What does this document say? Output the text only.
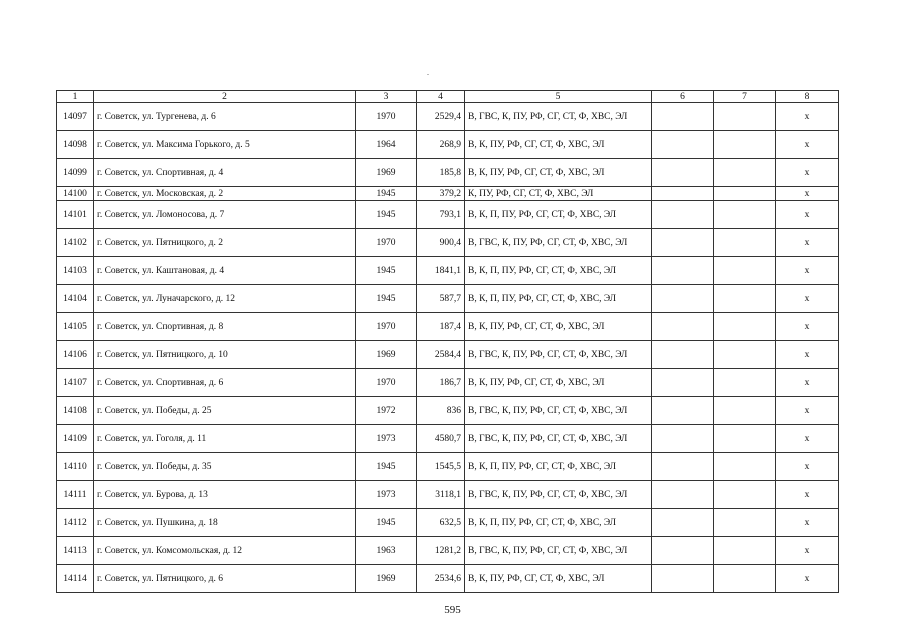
1	2	3	4	5	6	7	8
14097	г. Советск, ул. Тургенева, д. 6	1970	2529,4	В, ГВС, К, ПУ, РФ, СГ, СТ, Ф, ХВС, ЭЛ			x
14098	г. Советск, ул. Максима Горького, д. 5	1964	268,9	В, К, ПУ, РФ, СГ, СТ, Ф, ХВС, ЭЛ			x
14099	г. Советск, ул. Спортивная, д. 4	1969	185,8	В, К, ПУ, РФ, СГ, СТ, Ф, ХВС, ЭЛ			x
14100	г. Советск, ул. Московская, д. 2	1945	379,2	К, ПУ, РФ, СГ, СТ, Ф, ХВС, ЭЛ			x
14101	г. Советск, ул. Ломоносова, д. 7	1945	793,1	В, К, П, ПУ, РФ, СГ, СТ, Ф, ХВС, ЭЛ			x
14102	г. Советск, ул. Пятницкого, д. 2	1970	900,4	В, ГВС, К, ПУ, РФ, СГ, СТ, Ф, ХВС, ЭЛ			x
14103	г. Советск, ул. Каштановая, д. 4	1945	1841,1	В, К, П, ПУ, РФ, СГ, СТ, Ф, ХВС, ЭЛ			x
14104	г. Советск, ул. Луначарского, д. 12	1945	587,7	В, К, П, ПУ, РФ, СГ, СТ, Ф, ХВС, ЭЛ			x
14105	г. Советск, ул. Спортивная, д. 8	1970	187,4	В, К, ПУ, РФ, СГ, СТ, Ф, ХВС, ЭЛ			x
14106	г. Советск, ул. Пятницкого, д. 10	1969	2584,4	В, ГВС, К, ПУ, РФ, СГ, СТ, Ф, ХВС, ЭЛ			x
14107	г. Советск, ул. Спортивная, д. 6	1970	186,7	В, К, ПУ, РФ, СГ, СТ, Ф, ХВС, ЭЛ			x
14108	г. Советск, ул. Победы, д. 25	1972	836	В, ГВС, К, ПУ, РФ, СГ, СТ, Ф, ХВС, ЭЛ			x
14109	г. Советск, ул. Гоголя, д. 11	1973	4580,7	В, ГВС, К, ПУ, РФ, СГ, СТ, Ф, ХВС, ЭЛ			x
14110	г. Советск, ул. Победы, д. 35	1945	1545,5	В, К, П, ПУ, РФ, СГ, СТ, Ф, ХВС, ЭЛ			x
14111	г. Советск, ул. Бурова, д. 13	1973	3118,1	В, ГВС, К, ПУ, РФ, СГ, СТ, Ф, ХВС, ЭЛ			x
14112	г. Советск, ул. Пушкина, д. 18	1945	632,5	В, К, П, ПУ, РФ, СГ, СТ, Ф, ХВС, ЭЛ			x
14113	г. Советск, ул. Комсомольская, д. 12	1963	1281,2	В, ГВС, К, ПУ, РФ, СГ, СТ, Ф, ХВС, ЭЛ			x
14114	г. Советск, ул. Пятницкого, д. 6	1969	2534,6	В, К, ПУ, РФ, СГ, СТ, Ф, ХВС, ЭЛ			x
595
